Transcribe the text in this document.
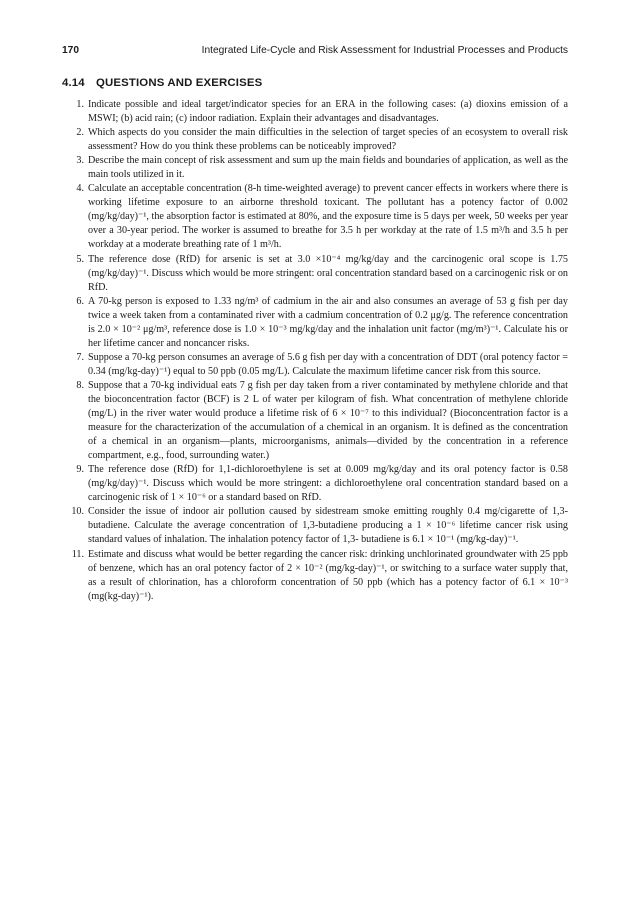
170	Integrated Life-Cycle and Risk Assessment for Industrial Processes and Products
4.14 QUESTIONS AND EXERCISES
1. Indicate possible and ideal target/indicator species for an ERA in the following cases: (a) dioxins emission of a MSWI; (b) acid rain; (c) indoor radiation. Explain their advantages and disadvantages.
2. Which aspects do you consider the main difficulties in the selection of target species of an ecosystem to overall risk assessment? How do you think these problems can be noticeably improved?
3. Describe the main concept of risk assessment and sum up the main fields and boundaries of application, as well as the main tools utilized in it.
4. Calculate an acceptable concentration (8-h time-weighted average) to prevent cancer effects in workers where there is working lifetime exposure to an airborne threshold toxicant. The pollutant has a potency factor of 0.002 (mg/kg/day)⁻¹, the absorption factor is estimated at 80%, and the exposure time is 5 days per week, 50 weeks per year over a 30-year period. The worker is assumed to breathe for 3.5 h per workday at the rate of 1.5 m³/h and 3.5 h per workday at a moderate breathing rate of 1 m³/h.
5. The reference dose (RfD) for arsenic is set at 3.0 ×10⁻⁴ mg/kg/day and the carcinogenic oral scope is 1.75 (mg/kg/day)⁻¹. Discuss which would be more stringent: oral concentration standard based on a carcinogenic risk or on RfD.
6. A 70-kg person is exposed to 1.33 ng/m³ of cadmium in the air and also consumes an average of 53 g fish per day twice a week taken from a contaminated river with a cadmium concentration of 0.2 μg/g. The reference concentration is 2.0 × 10⁻² μg/m³, reference dose is 1.0 × 10⁻³ mg/kg/day and the inhalation unit factor (mg/m³)⁻¹. Calculate his or her lifetime cancer and noncancer risks.
7. Suppose a 70-kg person consumes an average of 5.6 g fish per day with a concentration of DDT (oral potency factor = 0.34 (mg/kg-day)⁻¹) equal to 50 ppb (0.05 mg/L). Calculate the maximum lifetime cancer risk from this source.
8. Suppose that a 70-kg individual eats 7 g fish per day taken from a river contaminated by methylene chloride and that the bioconcentration factor (BCF) is 2 L of water per kilogram of fish. What concentration of methylene chloride (mg/L) in the river water would produce a lifetime risk of 6 × 10⁻⁷ to this individual? (Bioconcentration factor is a measure for the characterization of the accumulation of a chemical in an organism. It is defined as the concentration of a chemical in an organism—plants, microorganisms, animals—divided by the concentration in a reference compartment, e.g., food, surrounding water.)
9. The reference dose (RfD) for 1,1-dichloroethylene is set at 0.009 mg/kg/day and its oral potency factor is 0.58 (mg/kg/day)⁻¹. Discuss which would be more stringent: a dichloroethylene oral concentration standard based on a carcinogenic risk of 1 × 10⁻⁶ or a standard based on RfD.
10. Consider the issue of indoor air pollution caused by sidestream smoke emitting roughly 0.4 mg/cigarette of 1,3-butadiene. Calculate the average concentration of 1,3-butadiene producing a 1 × 10⁻⁶ lifetime cancer risk using standard values of inhalation. The inhalation potency factor of 1,3- butadiene is 6.1 × 10⁻¹ (mg/kg-day)⁻¹.
11. Estimate and discuss what would be better regarding the cancer risk: drinking unchlorinated groundwater with 25 ppb of benzene, which has an oral potency factor of 2 × 10⁻² (mg/kg-day)⁻¹, or switching to a surface water supply that, as a result of chlorination, has a chloroform concentration of 50 ppb (which has a potency factor of 6.1 × 10⁻³ (mg(kg-day)⁻¹).
